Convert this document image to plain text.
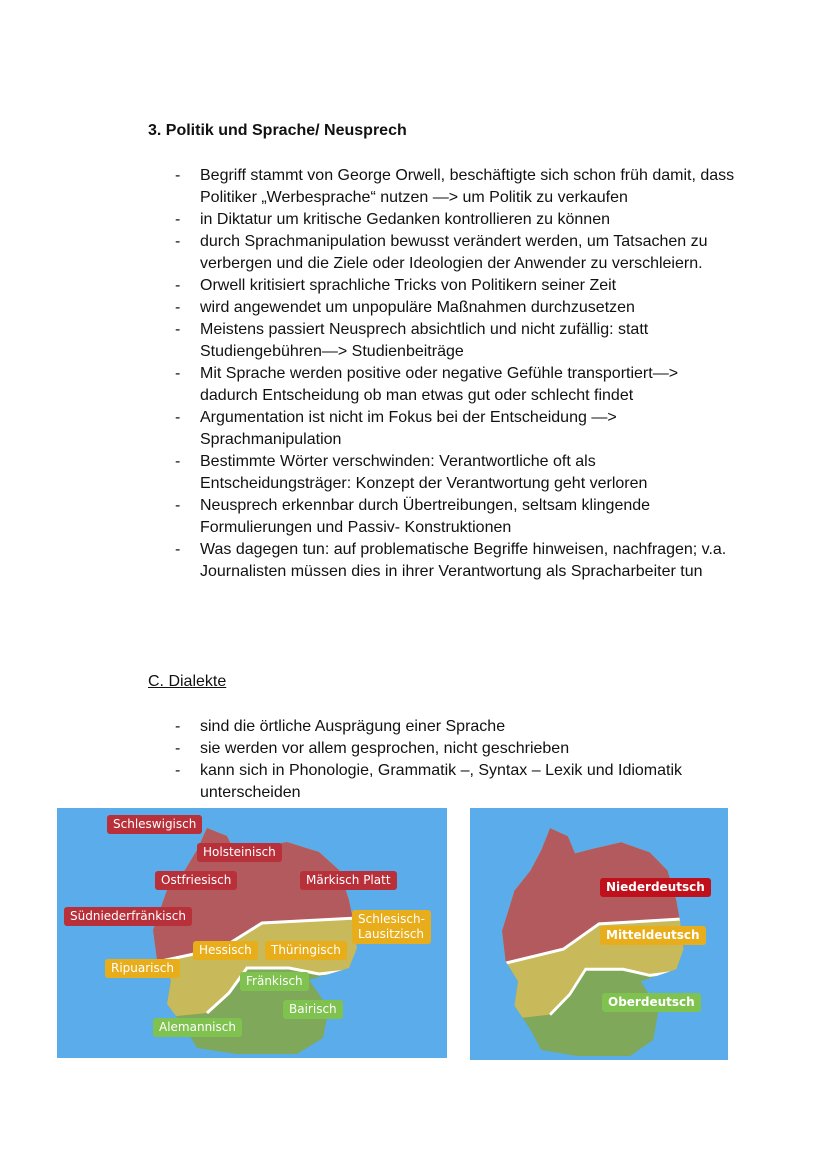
3. Politik und Sprache/ Neusprech
- Begriff stammt von George Orwell, beschäftigte sich schon früh damit, dass Politiker „Werbesprache“ nutzen —> um Politik zu verkaufen
- in Diktatur um kritische Gedanken kontrollieren zu können
- durch Sprachmanipulation bewusst verändert werden, um Tatsachen zu verbergen und die Ziele oder Ideologien der Anwender zu verschleiern.
- Orwell kritisiert sprachliche Tricks von Politikern seiner Zeit
- wird angewendet um unpopuläre Maßnahmen durchzusetzen
- Meistens passiert Neusprech absichtlich und nicht zufällig: statt Studiengebühren—> Studienbeiträge
- Mit Sprache werden positive oder negative Gefühle transportiert—> dadurch Entscheidung ob man etwas gut oder schlecht findet
- Argumentation ist nicht im Fokus bei der Entscheidung —> Sprachmanipulation
- Bestimmte Wörter verschwinden: Verantwortliche oft als Entscheidungsträger: Konzept der Verantwortung geht verloren
- Neusprech erkennbar durch Übertreibungen, seltsam klingende Formulierungen und Passiv- Konstruktionen
- Was dagegen tun: auf problematische Begriffe hinweisen, nachfragen; v.a. Journalisten müssen dies in ihrer Verantwortung als Spracharbeiter tun
C. Dialekte
- sind die örtliche Ausprägung einer Sprache
- sie werden vor allem gesprochen, nicht geschrieben
- kann sich in Phonologie, Grammatik –, Syntax – Lexik und Idiomatik unterscheiden
Schleswigisch
Holsteinisch
Ostfriesisch	Märkisch Platt
Südniederfränkisch	Schlesisch-
Lausitzisch
Hessisch	Thüringisch
Ripuarisch
Fränkisch
Bairisch
Alemannisch
Niederdeutsch
Mitteldeutsch
Oberdeutsch
